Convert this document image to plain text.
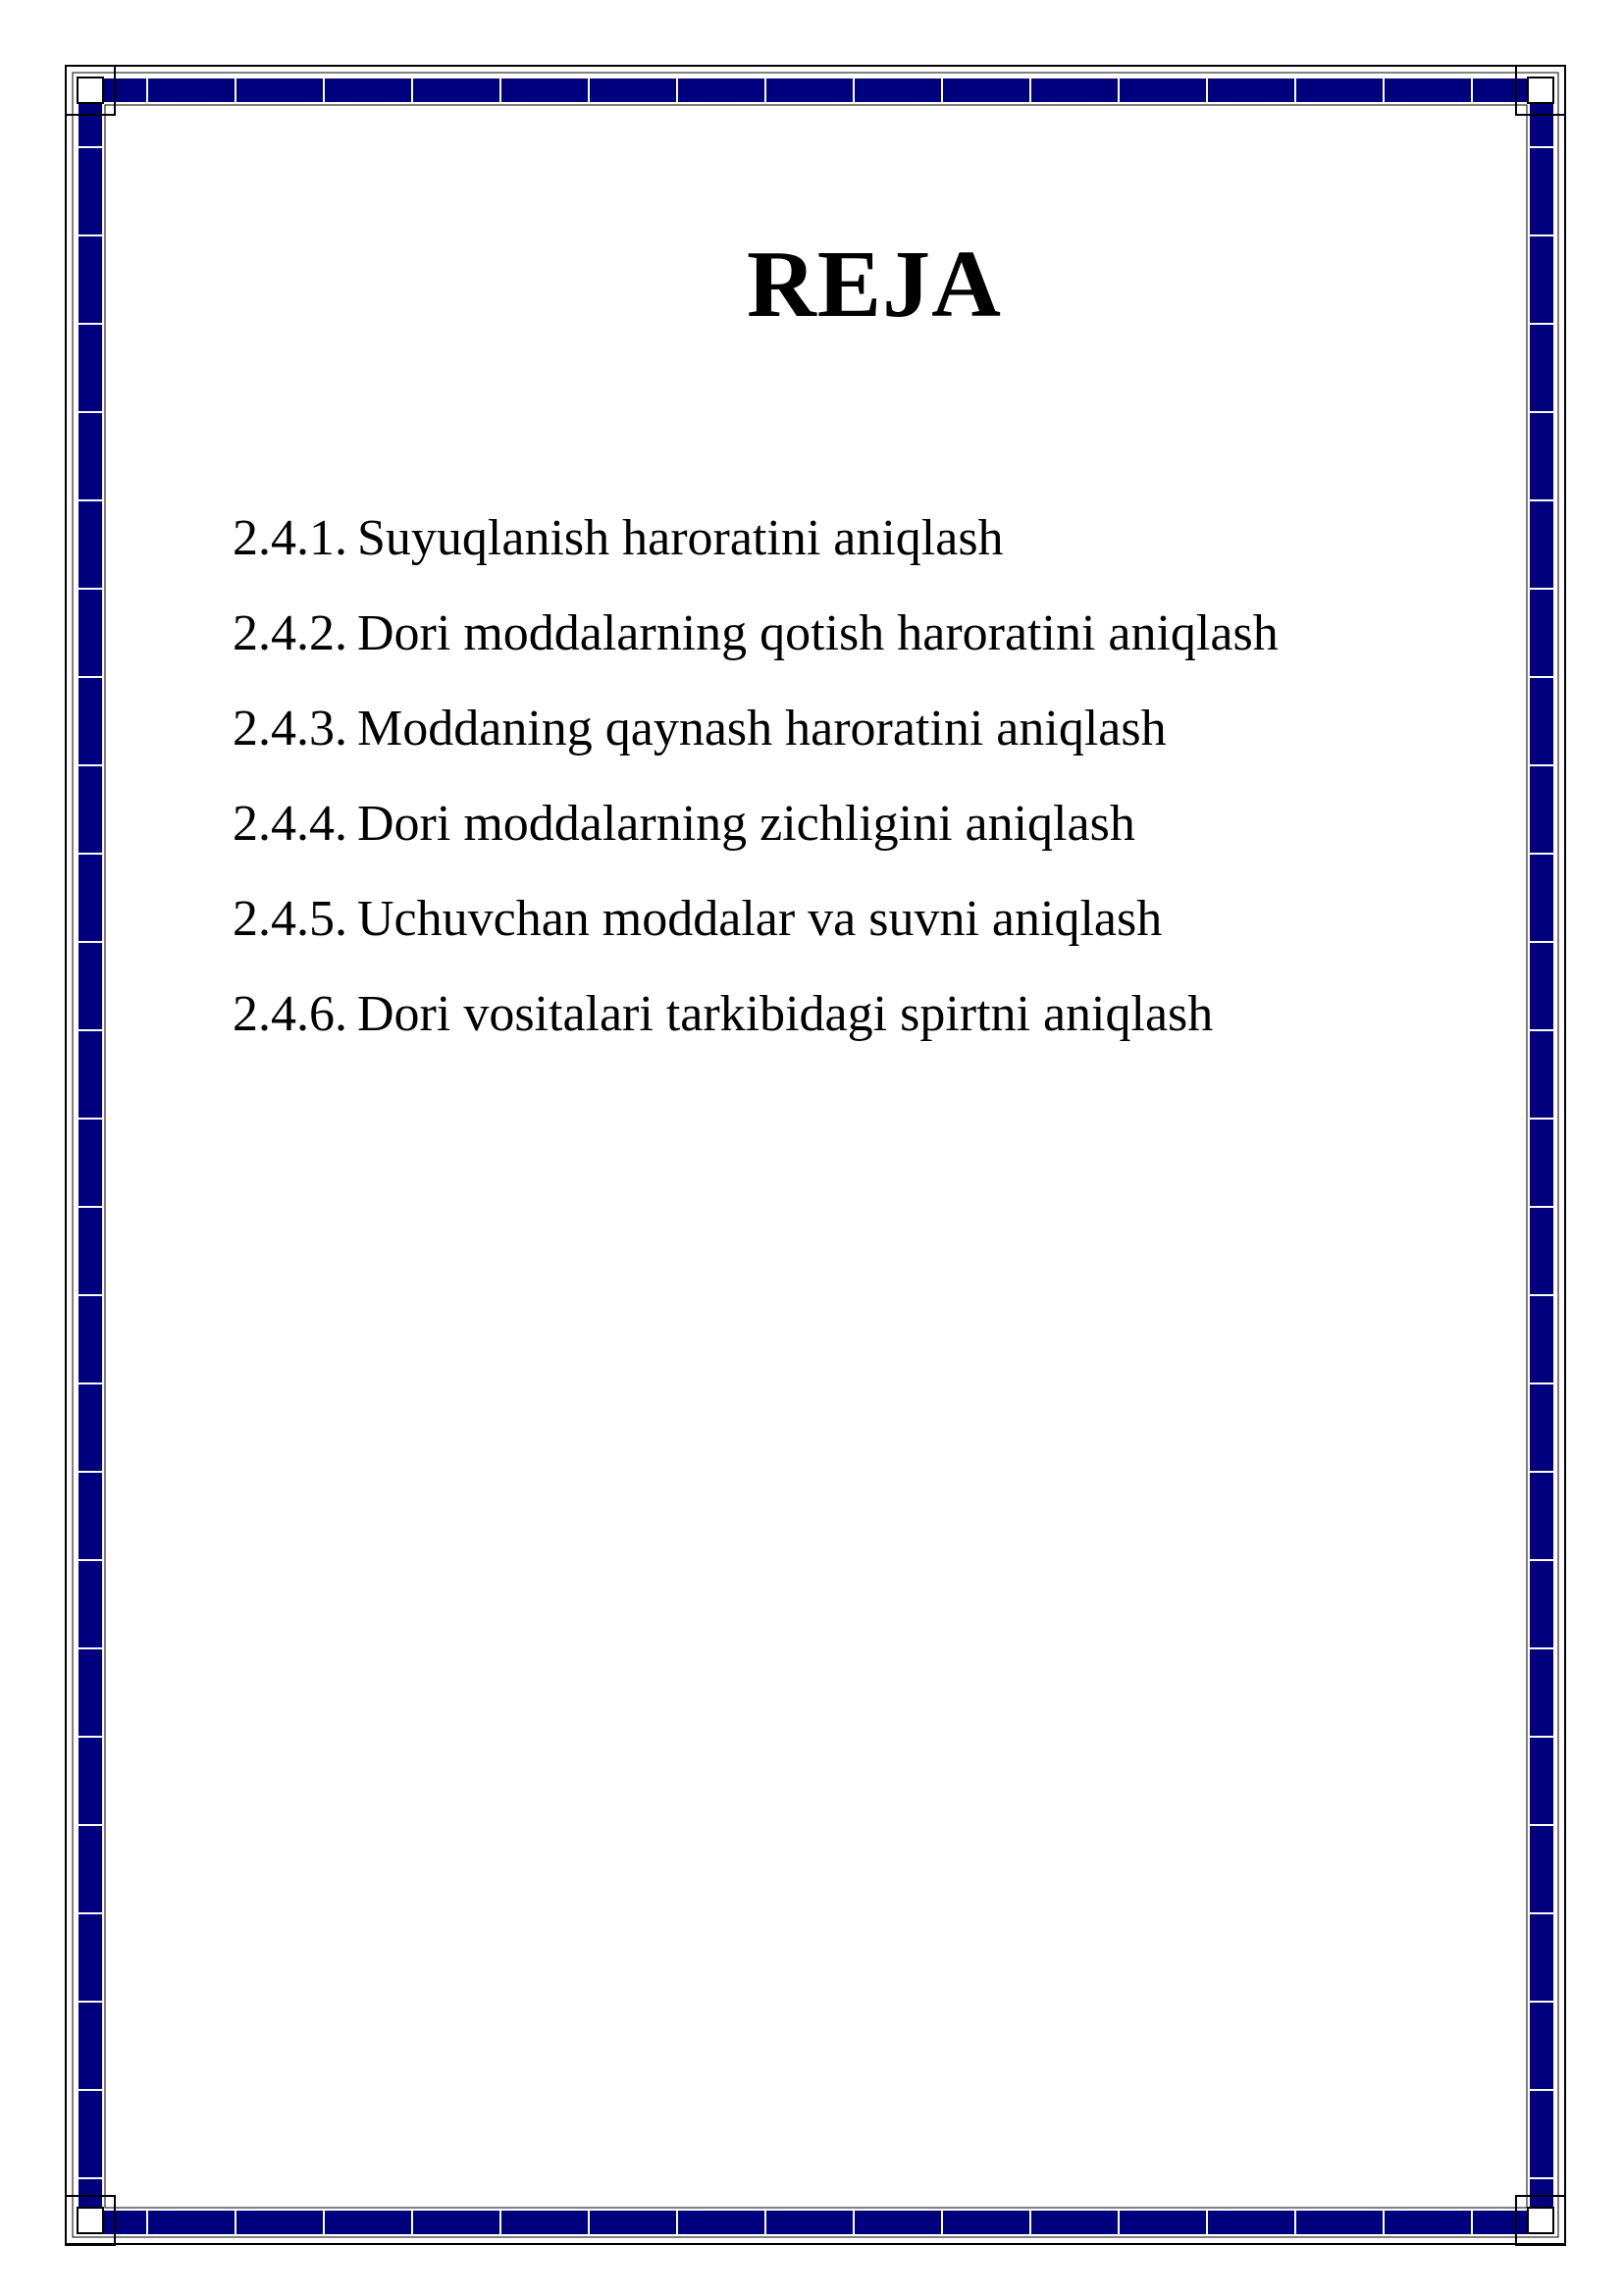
REJA
2.4.1. Suyuqlanish haroratini aniqlash
2.4.2. Dori moddalarning qotish haroratini aniqlash
2.4.3. Moddaning qaynash haroratini aniqlash
2.4.4. Dori moddalarning zichligini aniqlash
2.4.5. Uchuvchan moddalar va suvni aniqlash
2.4.6. Dori vositalari tarkibidagi spirtni aniqlash
